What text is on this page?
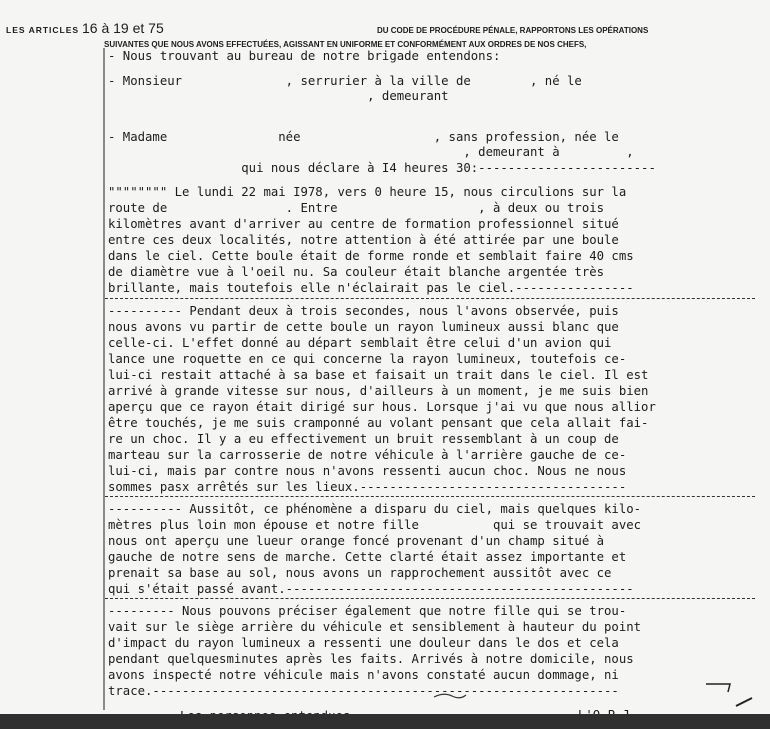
LES ARTICLES 16 à 19 et 75	DU CODE DE PROCÉDURE PÉNALE, RAPPORTONS LES OPÉRATIONS
SUIVANTES QUE NOUS AVONS EFFECTUÉES, AGISSANT EN UNIFORME ET CONFORMÉMENT AUX ORDRES DE NOS CHEFS,
- Nous trouvant au bureau de notre brigade entendons:
- Monsieur              , serrurier à la ville de        , né le
, demeurant
- Madame               née                  , sans profession, née le
, demeurant à         ,
qui nous déclare à I4 heures 30:------------------------
"""""""" Le lundi 22 mai I978, vers 0 heure 15, nous circulions sur la
route de                . Entre                   , à deux ou trois
kilomètres avant d'arriver au centre de formation professionnel situé
entre ces deux localités, notre attention à été attirée par une boule
dans le ciel. Cette boule était de forme ronde et semblait faire 40 cms
de diamètre vue à l'oeil nu. Sa couleur était blanche argentée très
brillante, mais toutefois elle n'éclairait pas le ciel.----------------
---------- Pendant deux à trois secondes, nous l'avons observée, puis
nous avons vu partir de cette boule un rayon lumineux aussi blanc que
celle-ci. L'effet donné au départ semblait être celui d'un avion qui
lance une roquette en ce qui concerne la rayon lumineux, toutefois ce-
lui-ci restait attaché à sa base et faisait un trait dans le ciel. Il est
arrivé à grande vitesse sur nous, d'ailleurs à un moment, je me suis bien
aperçu que ce rayon était dirigé sur hous. Lorsque j'ai vu que nous allior
être touchés, je me suis cramponné au volant pensant que cela allait fai-
re un choc. Il y a eu effectivement un bruit ressemblant à un coup de
marteau sur la carrosserie de notre véhicule à l'arrière gauche de ce-
lui-ci, mais par contre nous n'avons ressenti aucun choc. Nous ne nous
sommes pasx arrêtés sur les lieux.------------------------------------
---------- Aussitôt, ce phénomène a disparu du ciel, mais quelques kilo-
mètres plus loin mon épouse et notre fille          qui se trouvait avec
nous ont aperçu une lueur orange foncé provenant d'un champ situé à
gauche de notre sens de marche. Cette clarté était assez importante et
prenait sa base au sol, nous avons un rapprochement aussitôt avec ce
qui s'était passé avant.-----------------------------------------------
--------- Nous pouvons préciser également que notre fille qui se trou-
vait sur le siège arrière du véhicule et sensiblement à hauteur du point
d'impact du rayon lumineux a ressenti une douleur dans le dos et cela
pendant quelquesminutes après les faits. Arrivés à notre domicile, nous
avons inspecté notre véhicule mais n'avons constaté aucun dommage, ni
trace.---------------------------------------------------------------
